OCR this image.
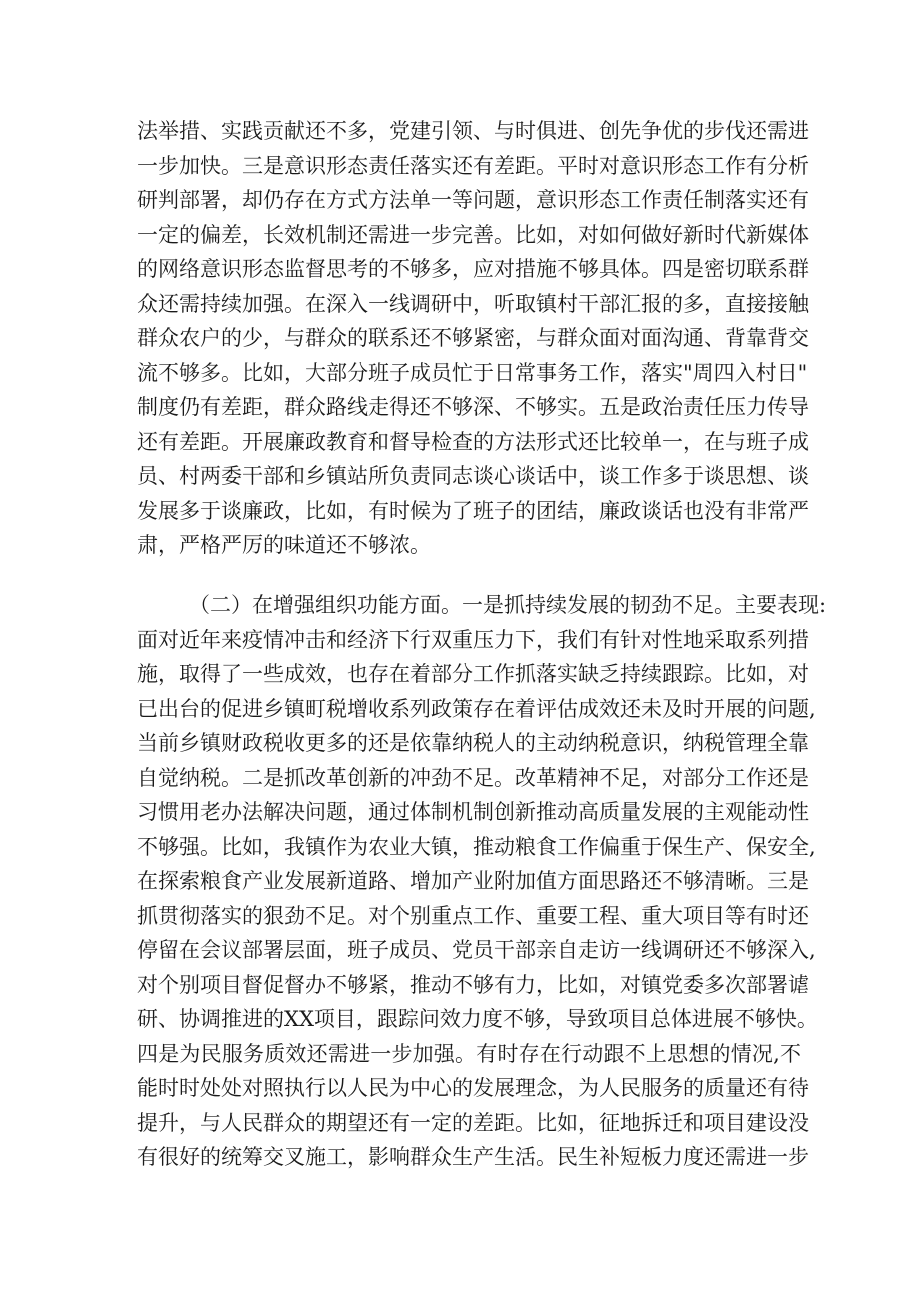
法举措、实践贡献还不多，党建引领、与时俱进、创先争优的步伐还需进
一步加快。三是意识形态责任落实还有差距。平时对意识形态工作有分析
研判部署，却仍存在方式方法单一等问题，意识形态工作责任制落实还有
一定的偏差，长效机制还需进一步完善。比如，对如何做好新时代新媒体
的网络意识形态监督思考的不够多，应对措施不够具体。四是密切联系群
众还需持续加强。在深入一线调研中，听取镇村干部汇报的多，直接接触
群众农户的少，与群众的联系还不够紧密，与群众面对面沟通、背靠背交
流不够多。比如，大部分班子成员忙于日常事务工作，落实"周四入村日"
制度仍有差距，群众路线走得还不够深、不够实。五是政治责任压力传导
还有差距。开展廉政教育和督导检查的方法形式还比较单一，在与班子成
员、村两委干部和乡镇站所负责同志谈心谈话中，谈工作多于谈思想、谈
发展多于谈廉政，比如，有时候为了班子的团结，廉政谈话也没有非常严
肃，严格严厉的味道还不够浓。
（二）在增强组织功能方面。一是抓持续发展的韧劲不足。主要表现:
面对近年来疫情冲击和经济下行双重压力下，我们有针对性地采取系列措
施，取得了一些成效，也存在着部分工作抓落实缺乏持续跟踪。比如，对
已出台的促进乡镇町税增收系列政策存在着评估成效还未及时开展的问题,
当前乡镇财政税收更多的还是依靠纳税人的主动纳税意识，纳税管理全靠
自觉纳税。二是抓改革创新的冲劲不足。改革精神不足，对部分工作还是
习惯用老办法解决问题，通过体制机制创新推动高质量发展的主观能动性
不够强。比如，我镇作为农业大镇，推动粮食工作偏重于保生产、保安全,
在探索粮食产业发展新道路、增加产业附加值方面思路还不够清晰。三是
抓贯彻落实的狠劲不足。对个别重点工作、重要工程、重大项目等有时还
停留在会议部署层面，班子成员、党员干部亲自走访一线调研还不够深入,
对个别项目督促督办不够紧，推动不够有力，比如，对镇党委多次部署谑
研、协调推进的XX项目，跟踪问效力度不够，导致项目总体进展不够快。
四是为民服务质效还需进一步加强。有时存在行动跟不上思想的情况,不
能时时处处对照执行以人民为中心的发展理念，为人民服务的质量还有待
提升，与人民群众的期望还有一定的差距。比如，征地拆迁和项目建设没
有很好的统筹交叉施工，影响群众生产生活。民生补短板力度还需进一步
